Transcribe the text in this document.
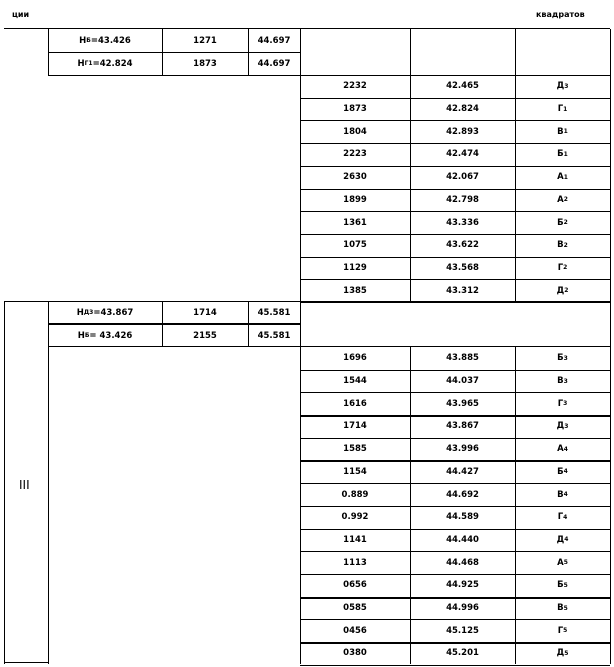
ции	квадратов
Н Б =43.426	1271	44.697
Н Г1 =42.824	1873	44.697
2232	42.465	Д 3
1873	42.824	Г 1
1804	42.893	В 1
2223	42.474	Б 1
2630	42.067	А 1
1899	42.798	А 2
1361	43.336	Б 2
1075	43.622	В 2
1129	43.568	Г 2
1385	43.312	Д 2
Н Д3 =43.867	1714	45.581
Н Б = 43.426	2155	45.581
1696	43.885	Б 3
1544	44.037	В 3
1616	43.965	Г 3
1714	43.867	Д 3
1585	43.996	А 4
1154	44.427	Б 4
0.889	44.692	В 4
0.992	44.589	Г 4
1141	44.440	Д 4
1113	44.468	А 5
0656	44.925	Б 5
0585	44.996	В 5
0456	45.125	Г 5
0380	45.201	Д 5
III
